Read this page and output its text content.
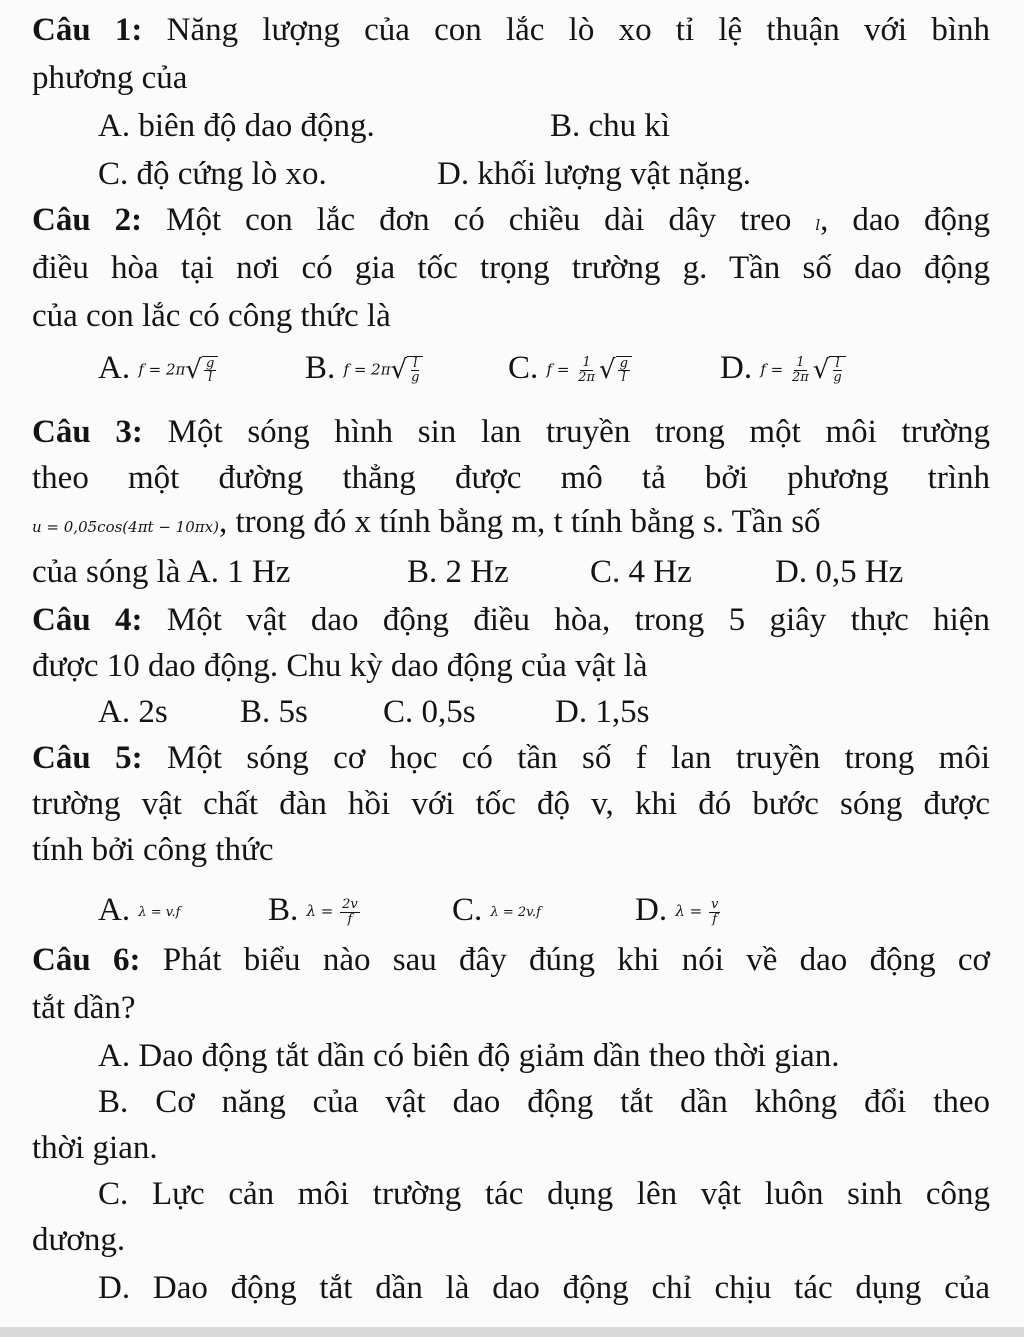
Câu 1: Năng lượng của con lắc lò xo tỉ lệ thuận với bình
phương của
A. biên độ dao động.	B. chu kì
C. độ cứng lò xo.	D. khối lượng vật nặng.
Câu 2: Một con lắc đơn có chiều dài dây treo l, dao động
điều hòa tại nơi có gia tốc trọng trường g. Tần số dao động
của con lắc có công thức là
A. f = 2π √ $\frac{g}{l}$	B. f = 2π √ $\frac{l}{g}$	C. $f = \frac{1}{2\pi}$ √ $\frac{g}{l}$	D. $f = \frac{1}{2\pi}$ √ $\frac{l}{g}$
Câu 3: Một sóng hình sin lan truyền trong một môi trường
theo một đường thẳng được mô tả bởi phương trình
u = 0,05cos(4πt − 10πx), trong đó x tính bằng m, t tính bằng s. Tần số
của sóng là A. 1 Hz	B. 2 Hz C. 4 Hz	D. 0,5 Hz
Câu 4: Một vật dao động điều hòa, trong 5 giây thực hiện
được 10 dao động. Chu kỳ dao động của vật là
A. 2s B. 5s C. 0,5s D. 1,5s
Câu 5: Một sóng cơ học có tần số f lan truyền trong môi
trường vật chất đàn hồi với tốc độ v, khi đó bước sóng được
tính bởi công thức
A. λ = v.f	B. $\lambda = \frac{2v}{f}$	C. λ = 2v.f	D. $\lambda = \frac{v}{f}$
Câu 6: Phát biểu nào sau đây đúng khi nói về dao động cơ
tắt dần?
A. Dao động tắt dần có biên độ giảm dần theo thời gian.
B. Cơ năng của vật dao động tắt dần không đổi theo
thời gian.
C. Lực cản môi trường tác dụng lên vật luôn sinh công
dương.
D. Dao động tắt dần là dao động chỉ chịu tác dụng của
